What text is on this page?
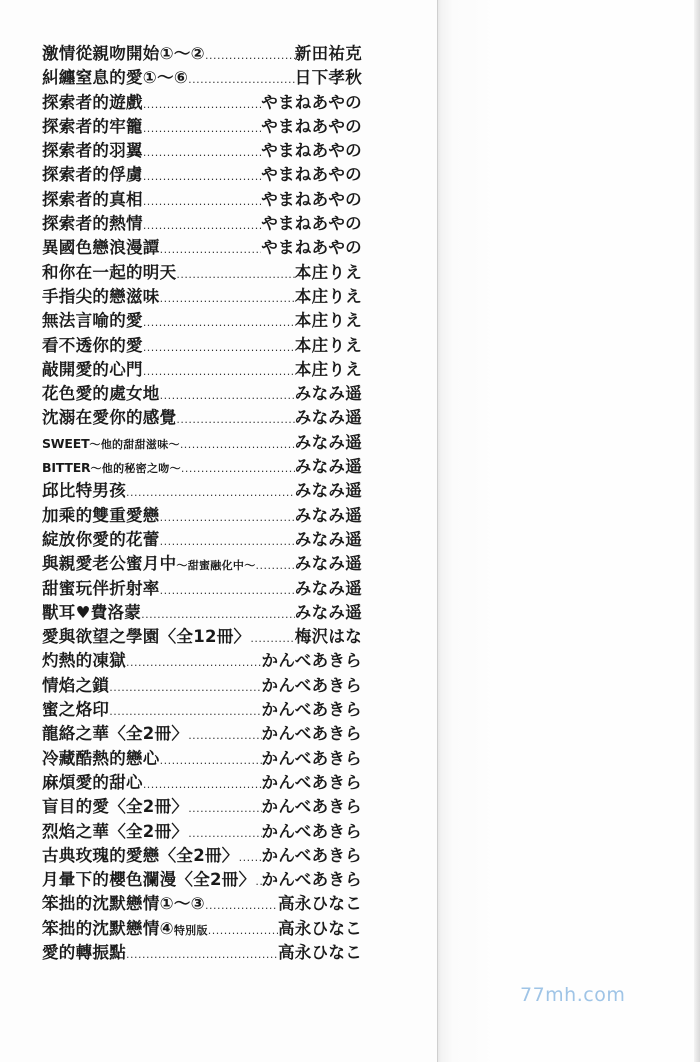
激情從親吻開始①～② .....	新田祐克
糾纏窒息的愛①～⑥ .....	日下孝秋
探索者的遊戲 .....	やまねあやの
探索者的牢籠 .....	やまねあやの
探索者的羽翼 .....	やまねあやの
探索者的俘虜 .....	やまねあやの
探索者的真相 .....	やまねあやの
探索者的熱情 .....	やまねあやの
異國色戀浪漫譚 .....	やまねあやの
和你在一起的明天 .....	本庄りえ
手指尖的戀滋味 .....	本庄りえ
無法言喻的愛 .....	本庄りえ
看不透你的愛 .....	本庄りえ
敲開愛的心門 .....	本庄りえ
花色愛的處女地 .....	みなみ遥
沈溺在愛你的感覺 .....	みなみ遥
SWEET ～他的甜甜滋味～ .....	みなみ遥
BITTER ～他的秘密之吻～ .....	みなみ遥
邱比特男孩 .....	みなみ遥
加乘的雙重愛戀 .....	みなみ遥
綻放你愛的花蕾 .....	みなみ遥
與親愛老公蜜月中 ～甜蜜融化中～ ..... みなみ遥
甜蜜玩伴折射率 .....	みなみ遥
獸耳♥費洛蒙 .....	みなみ遥
愛與欲望之學園〈全12冊〉 .....	梅沢はな
灼熱的凍獄 .....	かんべあきら
情焰之鎖 .....	かんべあきら
蜜之烙印 .....	かんべあきら
龍絡之華〈全2冊〉 .....	かんべあきら
冷藏酷熱的戀心 .....	かんべあきら
麻煩愛的甜心 .....	かんべあきら
盲目的愛〈全2冊〉 .....	かんべあきら
烈焰之華〈全2冊〉 .....	かんべあきら
古典玫瑰的愛戀〈全2冊〉 ..... かんべあきら
月暈下的櫻色瀾漫〈全2冊〉 ..... かんべあきら
笨拙的沈默戀情①～③ .....	高永ひなこ
笨拙的沈默戀情④ 特別版 .....	高永ひなこ
愛的轉振點 .....	高永ひなこ
77mh.com
